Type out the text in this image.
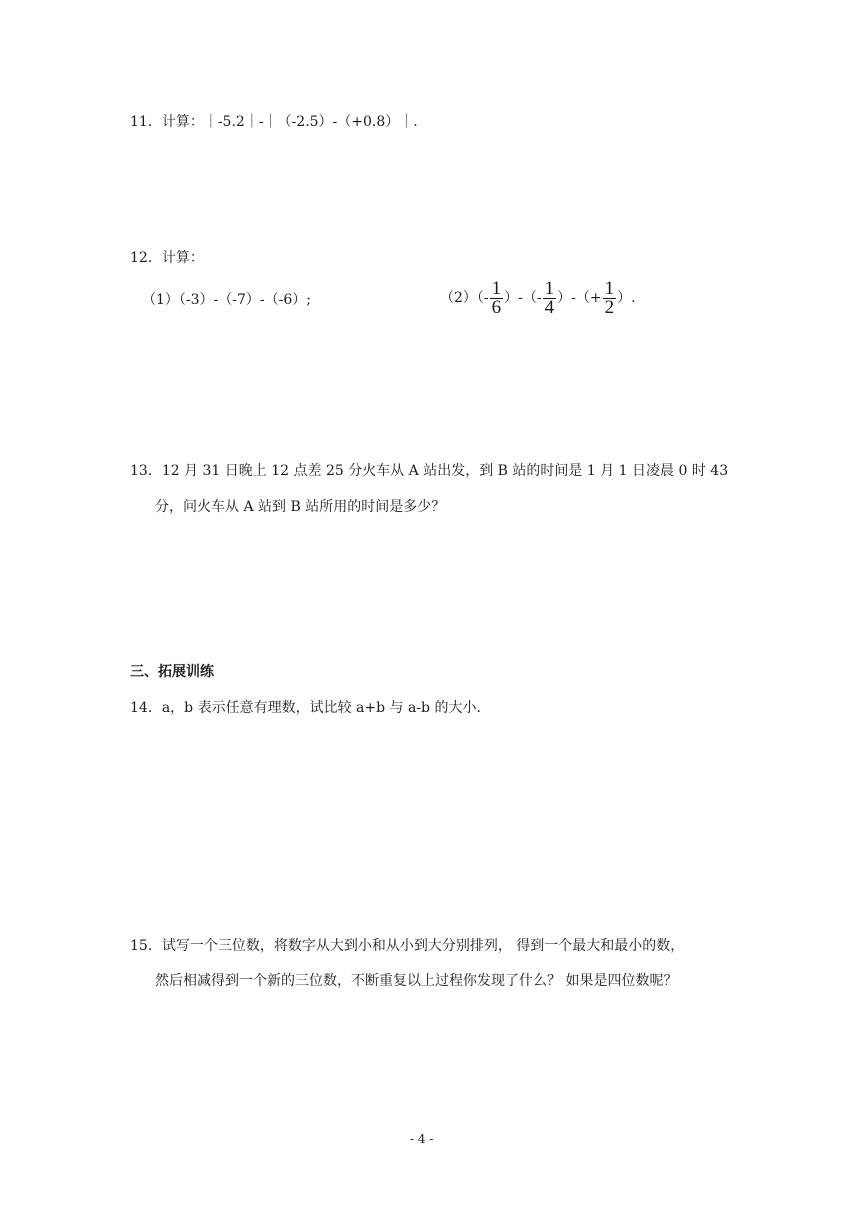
11．计算：｜-5.2｜-｜（-2.5）-（+0.8）｜.
12．计算：
（1）（-3）-（-7）-（-6）;	$(2)(- \frac{1}{6}$ ）-（- $\frac{1}{4}$ ）-（+ $\frac{1}{2}$ ）.
13．12 月 31 日晚上 12 点差 25 分火车从 A 站出发，到 B 站的时间是 1 月 1 日凌晨 0 时 43
分，问火车从 A 站到 B 站所用的时间是多少？
三、拓展训练
14．a，b 表示任意有理数，试比较 a+b 与 a-b 的大小.
15．试写一个三位数，将数字从大到小和从小到大分别排列， 得到一个最大和最小的数，
然后相减得到一个新的三位数，不断重复以上过程你发现了什么？ 如果是四位数呢？
- 4 -
